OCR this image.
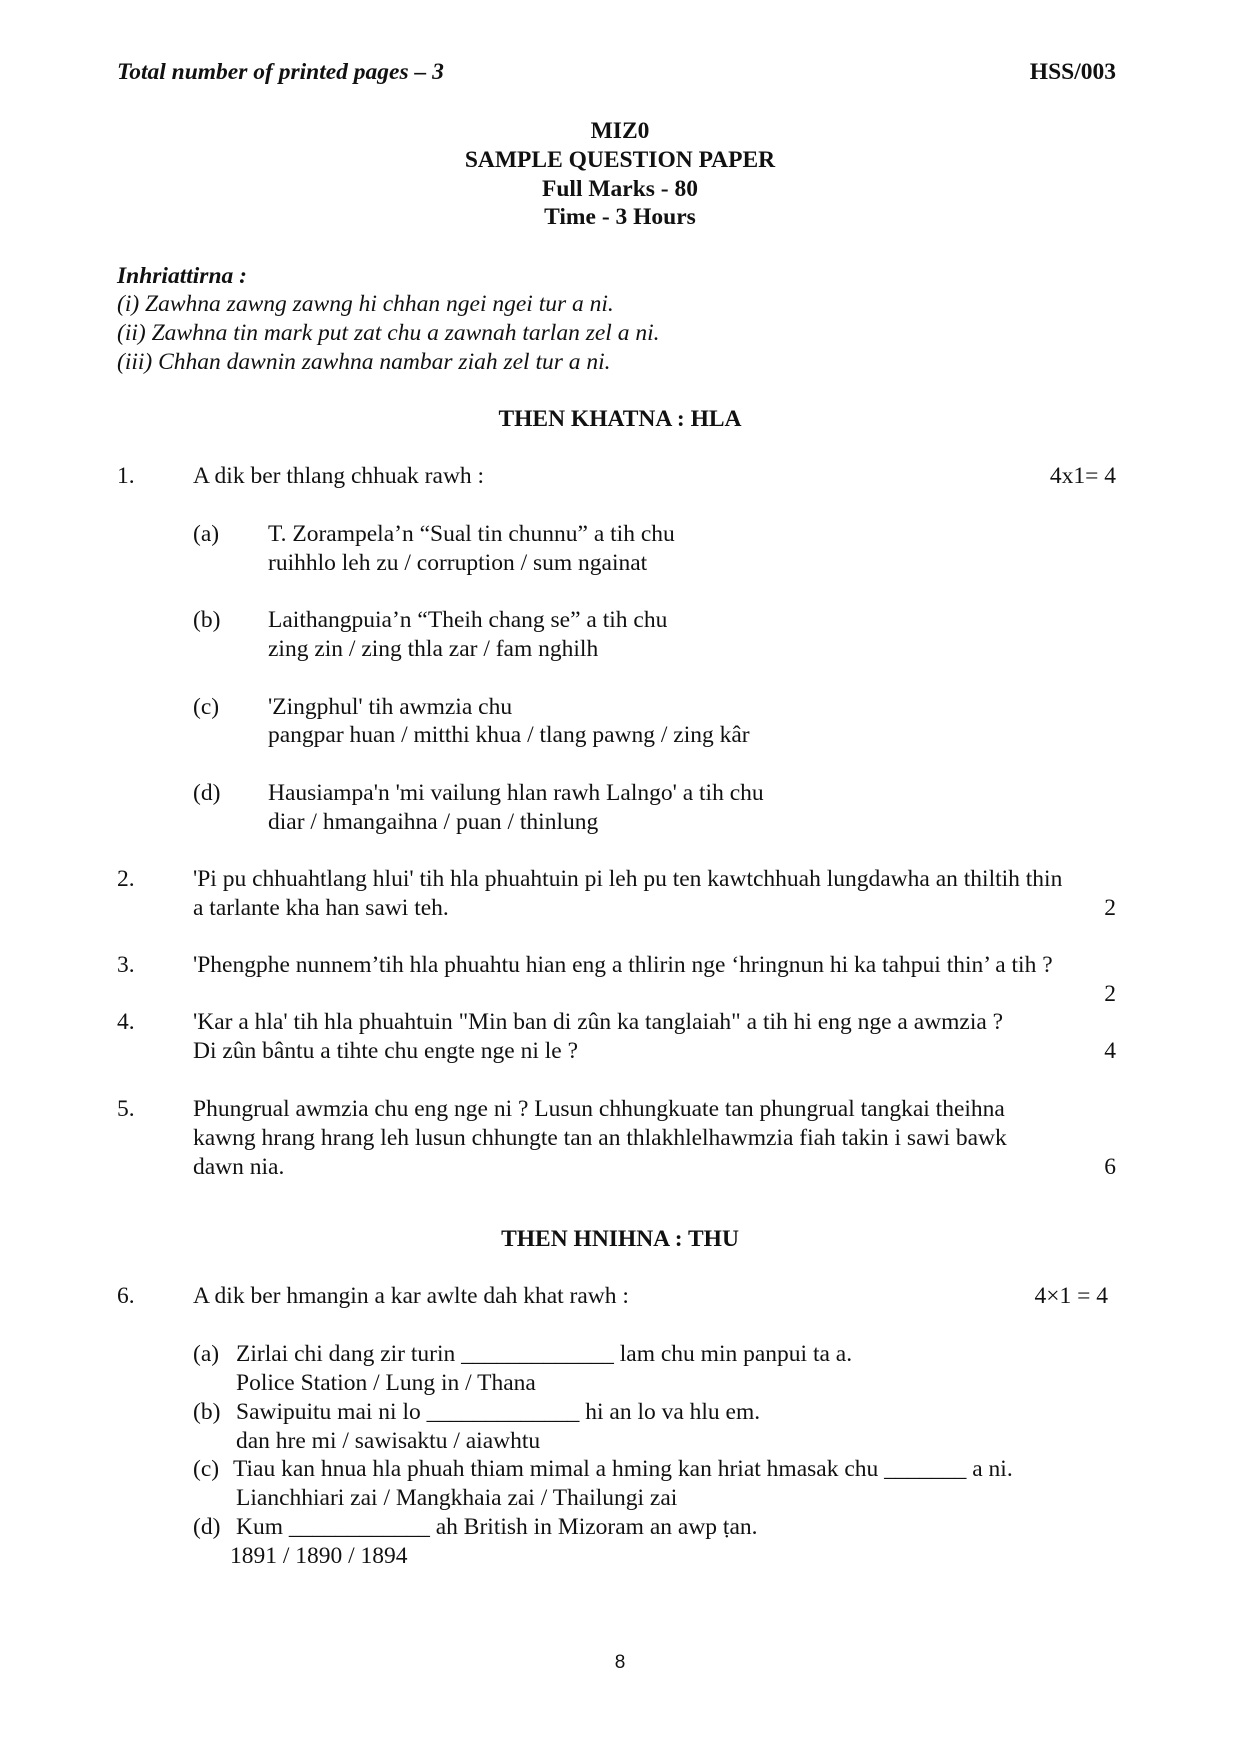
Total number of printed pages – 3	HSS/003
MIZ0
SAMPLE QUESTION PAPER
Full Marks - 80
Time - 3 Hours
Inhriattirna :
(i) Zawhna zawng zawng hi chhan ngei ngei tur a ni.
(ii) Zawhna tin mark put zat chu a zawnah tarlan zel a ni.
(iii) Chhan dawnin zawhna nambar ziah zel tur a ni.
THEN KHATNA : HLA
1. A dik ber thlang chhuak rawh :	4x1= 4
(a) T. Zorampela’n “Sual tin chunnu” a tih chu
ruihhlo leh zu / corruption / sum ngainat
(b) Laithangpuia’n “Theih chang se” a tih chu
zing zin / zing thla zar / fam nghilh
(c) 'Zingphul' tih awmzia chu
pangpar huan / mitthi khua / tlang pawng / zing kâr
(d) Hausiampa'n 'mi vailung hlan rawh Lalngo' a tih chu
diar / hmangaihna / puan / thinlung
2. 'Pi pu chhuahtlang hlui' tih hla phuahtuin pi leh pu ten kawtchhuah lungdawha an thiltih thin
a tarlante kha han sawi teh.	2
3. 'Phengphe nunnem’tih hla phuahtu hian eng a thlirin nge ‘hringnun hi ka tahpui thin’ a tih ?
2
4. 'Kar a hla' tih hla phuahtuin "Min ban di zûn ka tanglaiah" a tih hi eng nge a awmzia ?
Di zûn bântu a tihte chu engte nge ni le ?	4
5. Phungrual awmzia chu eng nge ni ? Lusun chhungkuate tan phungrual tangkai theihna
kawng hrang hrang leh lusun chhungte tan an thlakhlelhawmzia fiah takin i sawi bawk
dawn nia.	6
THEN HNIHNA : THU
6. A dik ber hmangin a kar awlte dah khat rawh :	4×1 = 4
(a) Zirlai chi dang zir turin _____________ lam chu min panpui ta a.
Police Station / Lung in / Thana
(b) Sawipuitu mai ni lo _____________ hi an lo va hlu em.
dan hre mi / sawisaktu / aiawhtu
(c) Tiau kan hnua hla phuah thiam mimal a hming kan hriat hmasak chu _______ a ni.
Lianchhiari zai / Mangkhaia zai / Thailungi zai
(d) Kum ____________ ah British in Mizoram an awp ṭan.
1891 / 1890 / 1894
8
